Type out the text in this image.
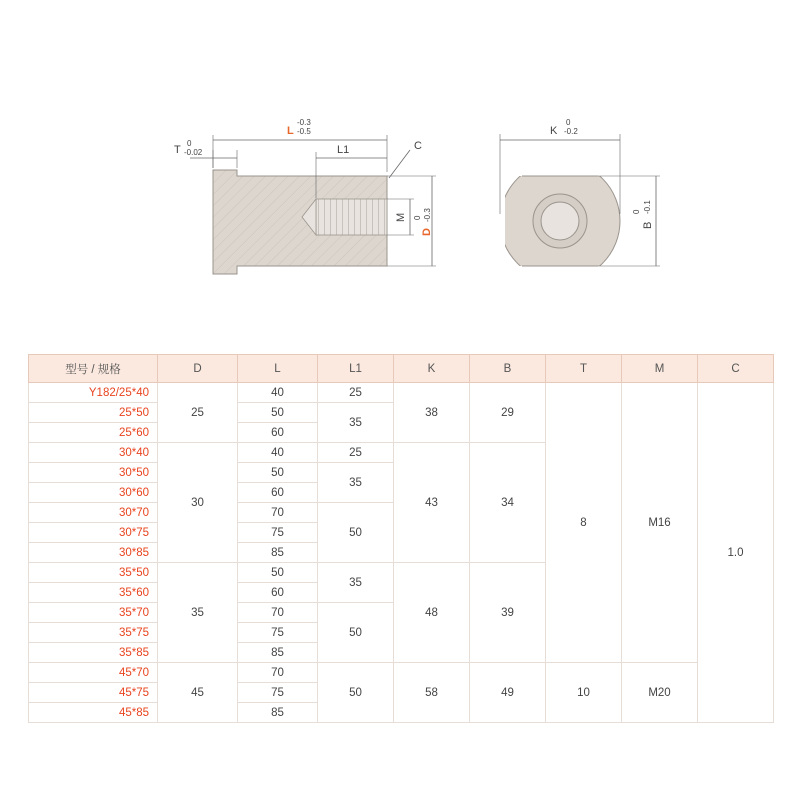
T
0
-0.02
L
-0.3
-0.5
L1	C
M
D
0 -0.3
K
0
-0.2
B
0 -0.1
型号 / 规格	D	L	L1	K	B	T	M	C
Y182/25*40	25	40	25	38	29	8	M16	1.0
25*50		50	35					
25*60		60						
30*40	30	40	25	43	34			
30*50		50	35					
30*60		60						
30*70		70	50					
30*75		75						
30*85		85						
35*50	35	50	35	48	39			
35*60		60						
35*70		70	50					
35*75		75						
35*85		85						
45*70	45	70	50	58	49	10	M20	
45*75		75						
45*85		85						
